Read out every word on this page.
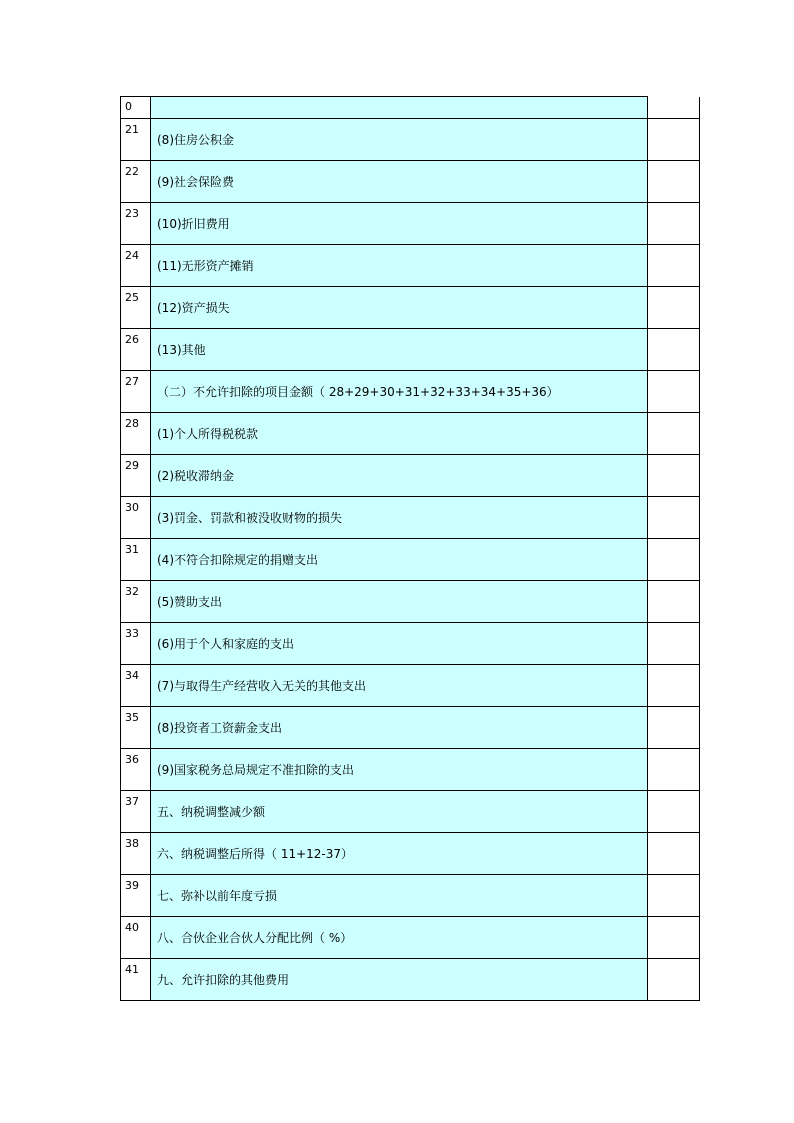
0		
21	(8)住房公积金	
22	(9)社会保险费	
23	(10)折旧费用	
24	(11)无形资产摊销	
25	(12)资产损失	
26	(13)其他	
27	（二）不允许扣除的项目金额（ 28+29+30+31+32+33+34+35+36）	
28	(1)个人所得税税款	
29	(2)税收滞纳金	
30	(3)罚金、罚款和被没收财物的损失	
31	(4)不符合扣除规定的捐赠支出	
32	(5)赞助支出	
33	(6)用于个人和家庭的支出	
34	(7)与取得生产经营收入无关的其他支出	
35	(8)投资者工资薪金支出	
36	(9)国家税务总局规定不准扣除的支出	
37	五、纳税调整减少额	
38	六、纳税调整后所得（ 11+12-37）	
39	七、弥补以前年度亏损	
40	八、合伙企业合伙人分配比例（ %）	
41	九、允许扣除的其他费用	
